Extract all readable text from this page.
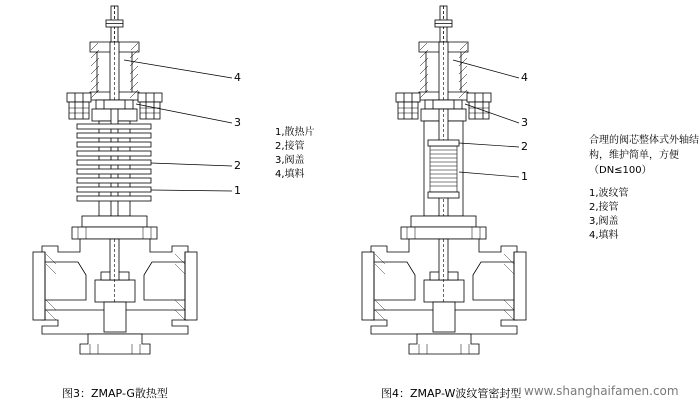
4
3
2
1
1,散热片
2,接管
3,阀盖
4,填料
4
3
2
1
合理的阀芯整体式外轴结构，维护简单，方便（DN≤100）
1,波纹管
2,接管
3,阀盖
4,填料
图3：ZMAP-G散热型	图4：ZMAP-W波纹管密封型 www.shanghaifamen.com
